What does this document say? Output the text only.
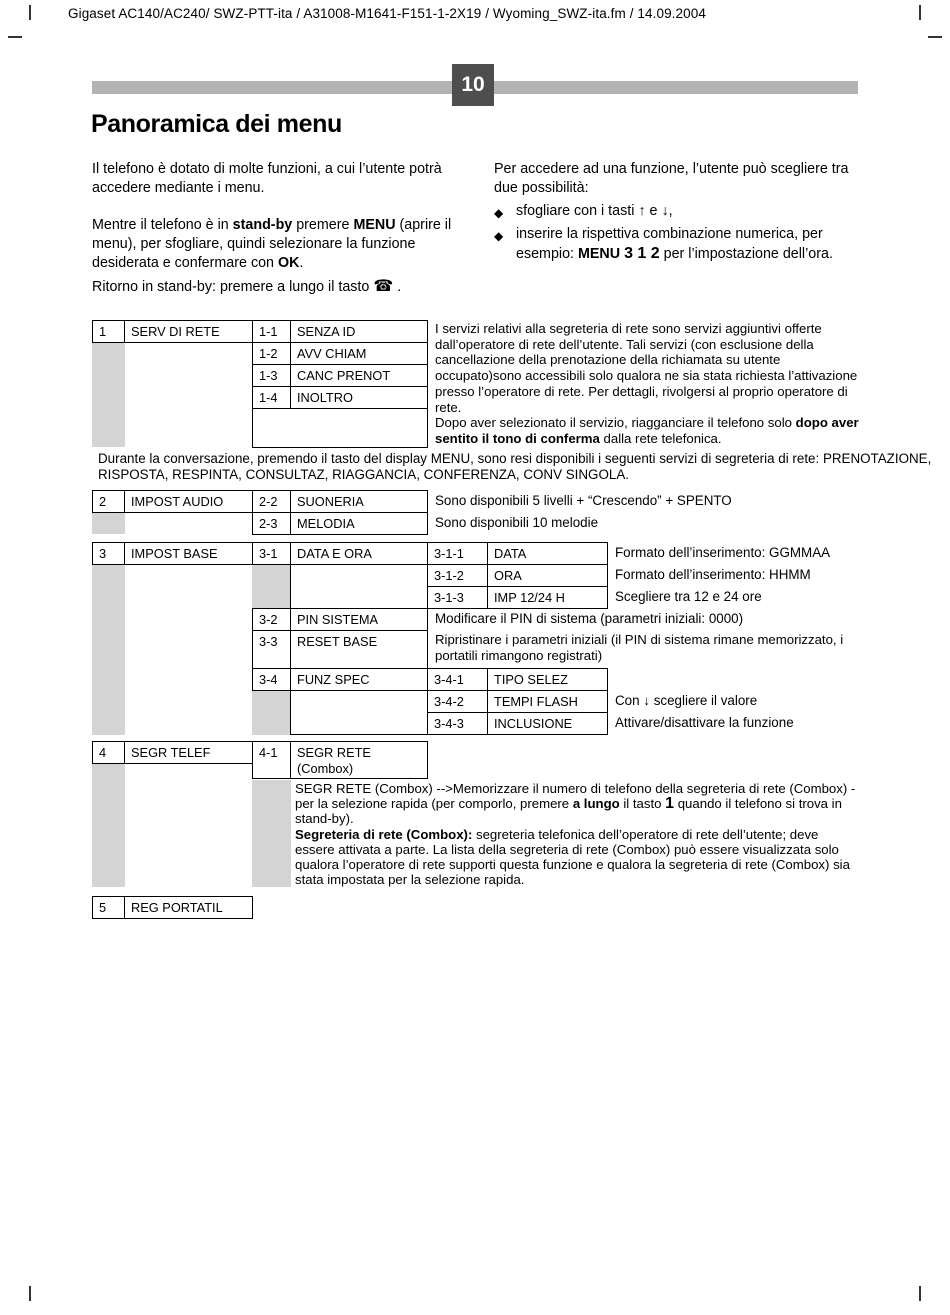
Gigaset AC140/AC240/ SWZ-PTT-ita / A31008-M1641-F151-1-2X19 / Wyoming_SWZ-ita.fm / 14.09.2004
10
Panoramica dei menu

Il telefono è dotato di molte funzioni, a cui l’utente potrà accedere mediante i menu.

Mentre il telefono è in stand-by premere MENU (aprire il menu), per sfogliare, quindi selezionare la funzione desiderata e confermare con OK.

Ritorno in stand-by: premere a lungo il tasto ☎ .

Per accedere ad una funzione, l’utente può scegliere tra due possibilità:

◆ sfogliare con i tasti ↑ e ↓,
◆ inserire la rispettiva combinazione numerica, per esempio: MENU 3 1 2 per l’impostazione dell’ora.
1	SERV DI RETE	1-1	SENZA ID
1-2	AVV CHIAM
1-3	CANC PRENOT
1-4	INOLTRO
I servizi relativi alla segreteria di rete sono servizi aggiuntivi offerte dall’operatore di rete dell’utente. Tali servizi (con esclusione della cancellazione della prenotazione della richiamata su utente occupato)sono accessibili solo qualora ne sia stata richiesta l’attivazione presso l’operatore di rete. Per dettagli, rivolgersi al proprio operatore di rete.
Dopo aver selezionato il servizio, riagganciare il telefono solo dopo aver sentito il tono di conferma dalla rete telefonica.
Durante la conversazione, premendo il tasto del display MENU, sono resi disponibili i seguenti servizi di segreteria di rete: PRENOTAZIONE, RISPOSTA, RESPINTA, CONSULTAZ, RIAGGANCIA, CONFERENZA, CONV SINGOLA.
2	IMPOST AUDIO	2-2	SUONERIA	Sono disponibili 5 livelli + “Crescendo” + SPENTO
2-3	MELODIA	Sono disponibili 10 melodie
3	IMPOST BASE	3-1	DATA E ORA	3-1-1	DATA	Formato dell’inserimento: GGMMAA
3-1-2	ORA	Formato dell’inserimento: HHMM
3-1-3	IMP 12/24 H	Scegliere tra 12 e 24 ore
3-2	PIN SISTEMA	Modificare il PIN di sistema (parametri iniziali: 0000)
3-3	RESET BASE	Ripristinare i parametri iniziali (il PIN di sistema rimane memorizzato, i portatili rimangono registrati)
3-4	FUNZ SPEC	3-4-1	TIPO SELEZ
3-4-2	TEMPI FLASH	Con ↓ scegliere il valore
3-4-3	INCLUSIONE	Attivare/disattivare la funzione
4	SEGR TELEF	4-1	SEGR RETE (Combox)
SEGR RETE (Combox) -->Memorizzare il numero di telefono della segreteria di rete (Combox) - per la selezione rapida (per comporlo, premere a lungo il tasto 1 quando il telefono si trova in stand-by).
Segreteria di rete (Combox): segreteria telefonica dell’operatore di rete dell’utente; deve essere attivata a parte. La lista della segreteria di rete (Combox) può essere visualizzata solo qualora l’operatore di rete supporti questa funzione e qualora la segreteria di rete (Combox) sia stata impostata per la selezione rapida.
5	REG PORTATIL
